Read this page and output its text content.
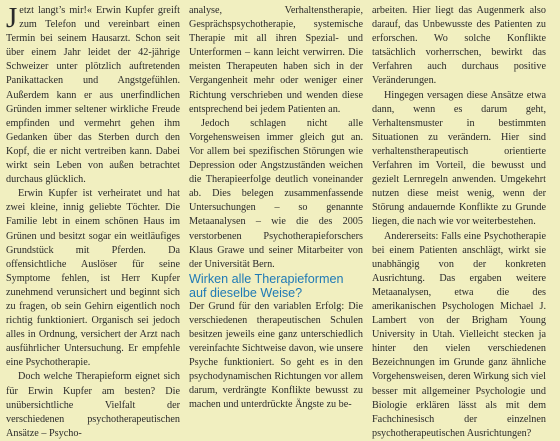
Jetzt langt’s mir!« Erwin Kupfer greift zum Telefon und vereinbart einen Termin bei seinem Hausarzt. Schon seit über einem Jahr leidet der 42-jährige Schweizer unter plötzlich auftretenden Panikattacken und Angstgefühlen. Außerdem kann er aus unerfindlichen Gründen immer seltener wirkliche Freude empfinden und vermehrt gehen ihm Gedanken über das Sterben durch den Kopf, die er nicht vertreiben kann. Dabei wirkt sein Leben von außen betrachtet durchaus glücklich.

Erwin Kupfer ist verheiratet und hat zwei kleine, innig geliebte Töchter. Die Familie lebt in einem schönen Haus im Grünen und besitzt sogar ein weitläufiges Grundstück mit Pferden. Da offensichtliche Auslöser für seine Symptome fehlen, ist Herr Kupfer zunehmend verunsichert und beginnt sich zu fragen, ob sein Gehirn eigentlich noch richtig funktioniert. Organisch sei jedoch alles in Ordnung, versichert der Arzt nach ausführlicher Untersuchung. Er empfehle eine Psychotherapie.

Doch welche Therapieform eignet sich für Erwin Kupfer am besten? Die unübersichtliche Vielfalt der verschiedenen psychotherapeutischen Ansätze – Psycho-

analyse, Verhaltenstherapie, Gesprächspsychotherapie, systemische Therapie mit all ihren Spezial- und Unterformen – kann leicht verwirren. Die meisten Therapeuten haben sich in der Vergangenheit mehr oder weniger einer Richtung verschrieben und wenden diese entsprechend bei jedem Patienten an.

Jedoch schlagen nicht alle Vorgehensweisen immer gleich gut an. Vor allem bei spezifischen Störungen wie Depression oder Angstzuständen weichen die Therapieerfolge deutlich voneinander ab. Dies belegen zusammenfassende Untersuchungen – so genannte Metaanalysen – wie die des 2005 verstorbenen Psychotherapieforschers Klaus Grawe und seiner Mitarbeiter von der Universität Bern.

Wirken alle Therapieformen auf dieselbe Weise?

Der Grund für den variablen Erfolg: Die verschiedenen therapeutischen Schulen besitzen jeweils eine ganz unterschiedlich vereinfachte Sichtweise davon, wie unsere Psyche funktioniert. So geht es in den psychodynamischen Richtungen vor allem darum, verdrängte Konflikte bewusst zu machen und unterdrückte Ängste zu be-

arbeiten. Hier liegt das Augenmerk also darauf, das Unbewusste des Patienten zu erforschen. Wo solche Konflikte tatsächlich vorherrschen, bewirkt das Verfahren auch durchaus positive Veränderungen.

Hingegen versagen diese Ansätze etwa dann, wenn es darum geht, Verhaltensmuster in bestimmten Situationen zu verändern. Hier sind verhaltenstherapeutisch orientierte Verfahren im Vorteil, die bewusst und gezielt Lernregeln anwenden. Umgekehrt nutzen diese meist wenig, wenn der Störung andauernde Konflikte zu Grunde liegen, die nach wie vor weiterbestehen.

Andererseits: Falls eine Psychotherapie bei einem Patienten anschlägt, wirkt sie unabhängig von der konkreten Ausrichtung. Das ergaben weitere Metaanalysen, etwa die des amerikanischen Psychologen Michael J. Lambert von der Brigham Young University in Utah. Vielleicht stecken ja hinter den vielen verschiedenen Bezeichnungen im Grunde ganz ähnliche Vorgehensweisen, deren Wirkung sich viel besser mit allgemeiner Psychologie und Biologie erklären lässt als mit dem Fachchinesisch der einzelnen psychotherapeutischen Ausrichtungen?
